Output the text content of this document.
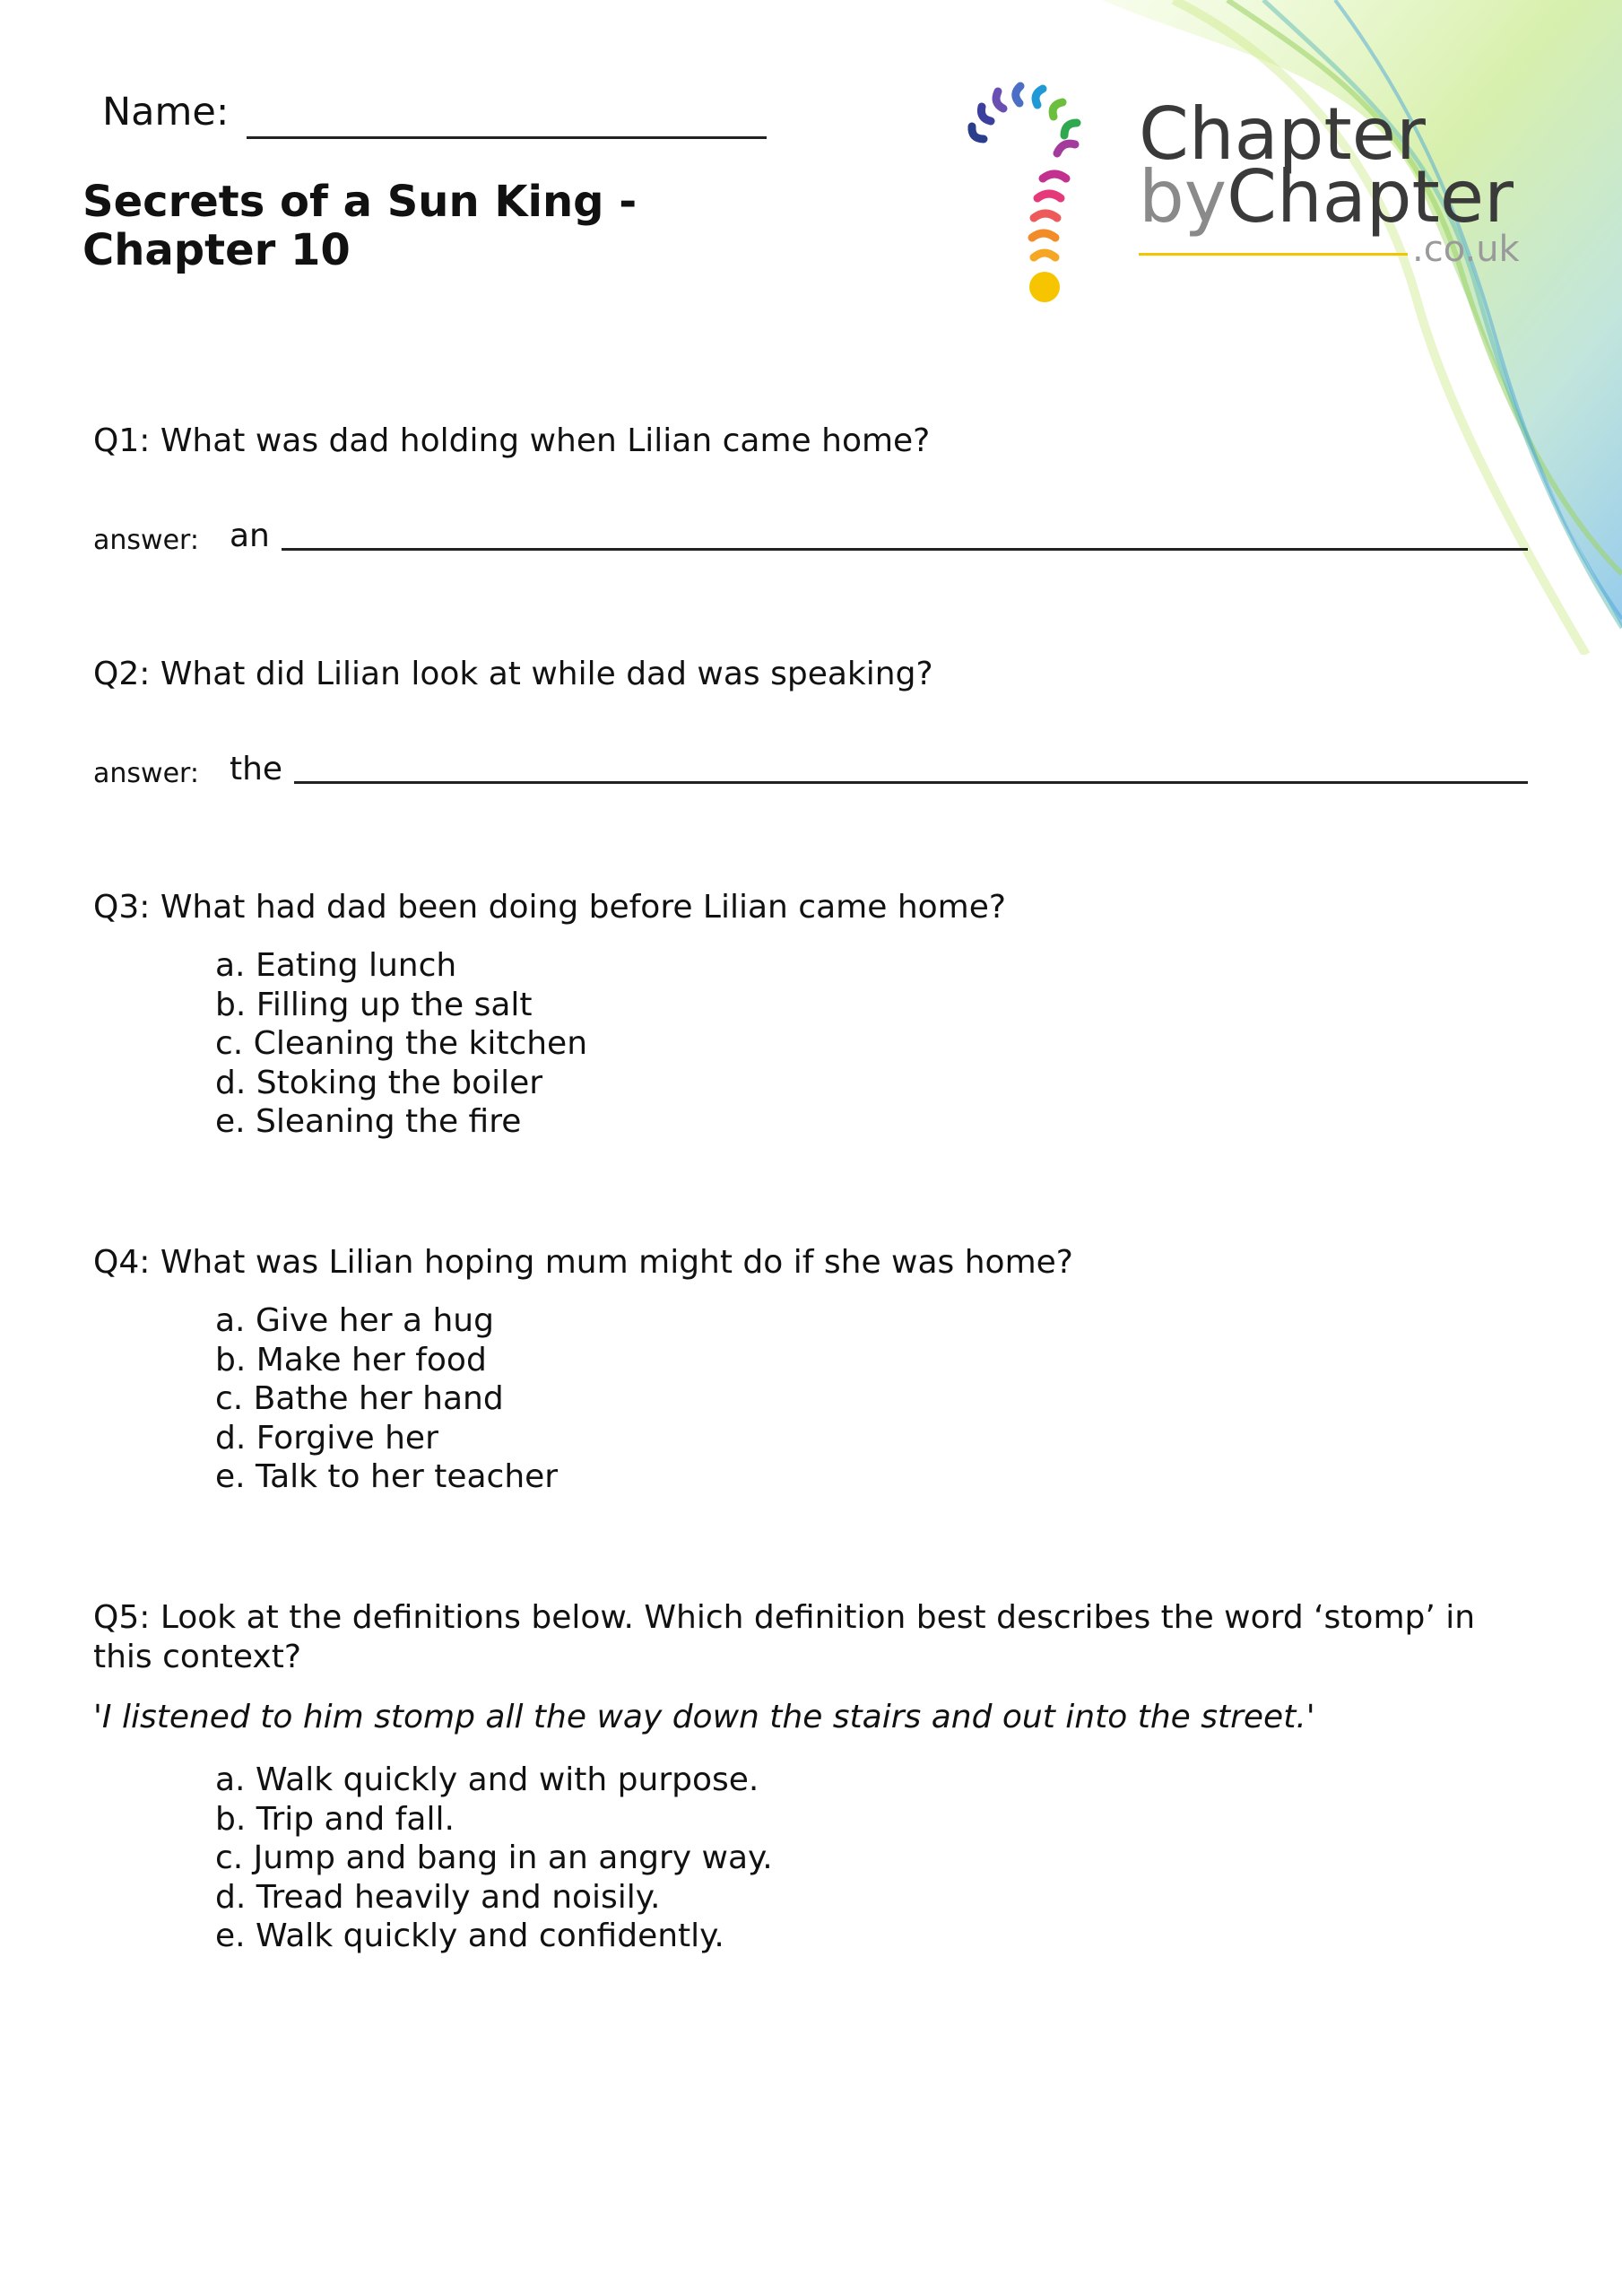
Name:
Secrets of a Sun King -
Chapter 10
Chapter
byChapter
.co.uk
Q1: What was dad holding when Lilian came home?
answer: an
Q2: What did Lilian look at while dad was speaking?
answer: the
Q3: What had dad been doing before Lilian came home?
a. Eating lunch
b. Filling up the salt
c. Cleaning the kitchen
d. Stoking the boiler
e. Sleaning the fire
Q4: What was Lilian hoping mum might do if she was home?
a. Give her a hug
b. Make her food
c. Bathe her hand
d. Forgive her
e. Talk to her teacher
Q5: Look at the definitions below. Which definition best describes the word ‘stomp’ in
this context?
'I listened to him stomp all the way down the stairs and out into the street.'
a. Walk quickly and with purpose.
b. Trip and fall.
c. Jump and bang in an angry way.
d. Tread heavily and noisily.
e. Walk quickly and confidently.
